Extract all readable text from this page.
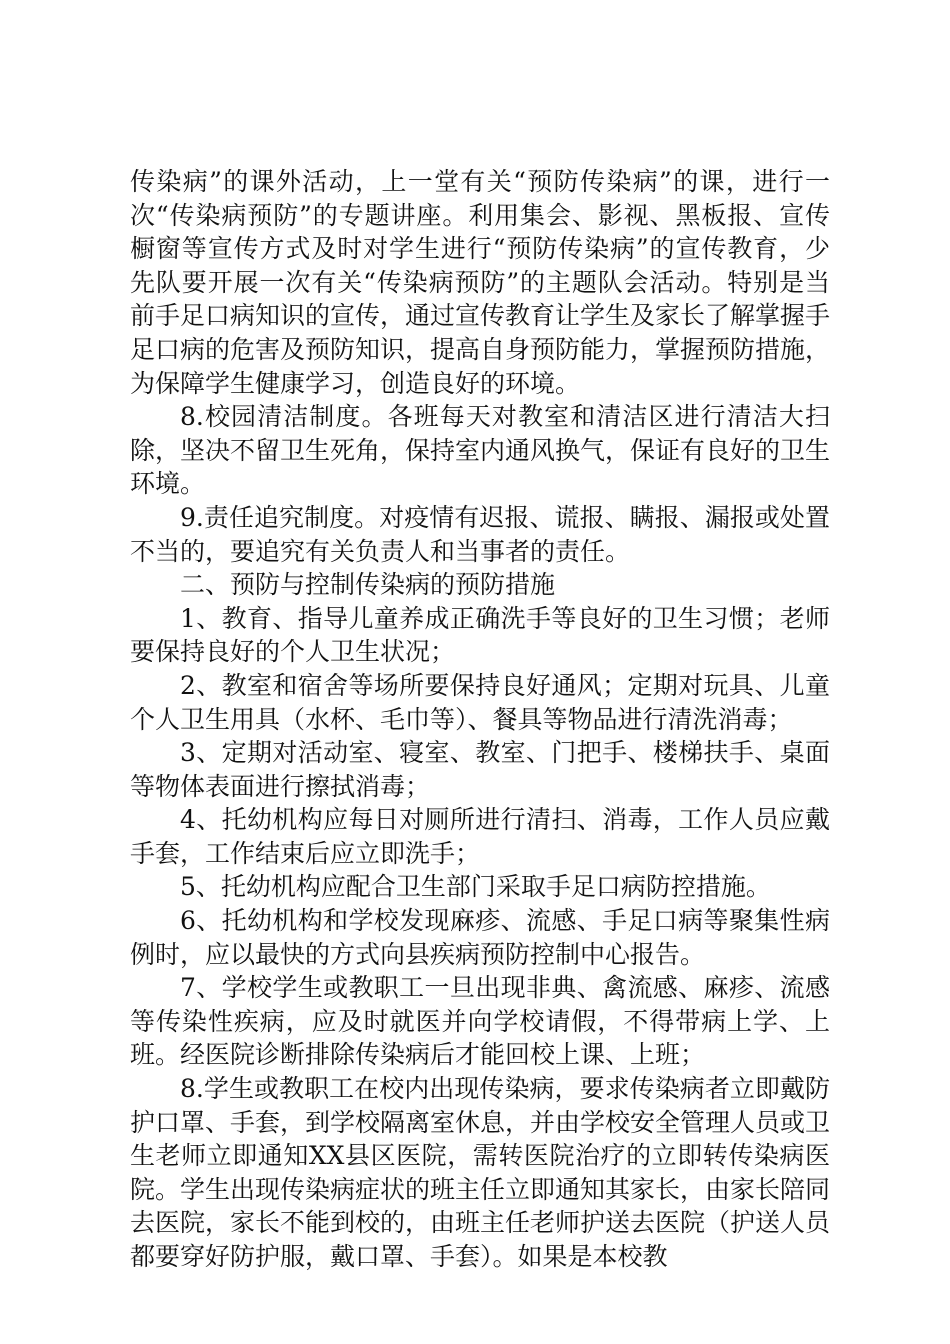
传染病”的课外活动，上一堂有关“预防传染病”的课，进行一次“传染病预防”的专题讲座。利用集会、影视、黑板报、宣传橱窗等宣传方式及时对学生进行“预防传染病”的宣传教育，少先队要开展一次有关“传染病预防”的主题队会活动。特别是当前手足口病知识的宣传，通过宣传教育让学生及家长了解掌握手足口病的危害及预防知识，提高自身预防能力，掌握预防措施，为保障学生健康学习，创造良好的环境。

8.校园清洁制度。各班每天对教室和清洁区进行清洁大扫除，坚决不留卫生死角，保持室内通风换气，保证有良好的卫生环境。

9.责任追究制度。对疫情有迟报、谎报、瞒报、漏报或处置不当的，要追究有关负责人和当事者的责任。

二、预防与控制传染病的预防措施

1、教育、指导儿童养成正确洗手等良好的卫生习惯；老师要保持良好的个人卫生状况；

2、教室和宿舍等场所要保持良好通风；定期对玩具、儿童个人卫生用具（水杯、毛巾等）、餐具等物品进行清洗消毒；

3、定期对活动室、寝室、教室、门把手、楼梯扶手、桌面等物体表面进行擦拭消毒；

4、托幼机构应每日对厕所进行清扫、消毒，工作人员应戴手套，工作结束后应立即洗手；

5、托幼机构应配合卫生部门采取手足口病防控措施。

6、托幼机构和学校发现麻疹、流感、手足口病等聚集性病例时，应以最快的方式向县疾病预防控制中心报告。

7、学校学生或教职工一旦出现非典、禽流感、麻疹、流感等传染性疾病，应及时就医并向学校请假，不得带病上学、上班。经医院诊断排除传染病后才能回校上课、上班；

8.学生或教职工在校内出现传染病，要求传染病者立即戴防护口罩、手套，到学校隔离室休息，并由学校安全管理人员或卫生老师立即通知XX县区医院，需转医院治疗的立即转传染病医院。学生出现传染病症状的班主任立即通知其家长，由家长陪同去医院，家长不能到校的，由班主任老师护送去医院（护送人员都要穿好防护服，戴口罩、手套）。如果是本校教
